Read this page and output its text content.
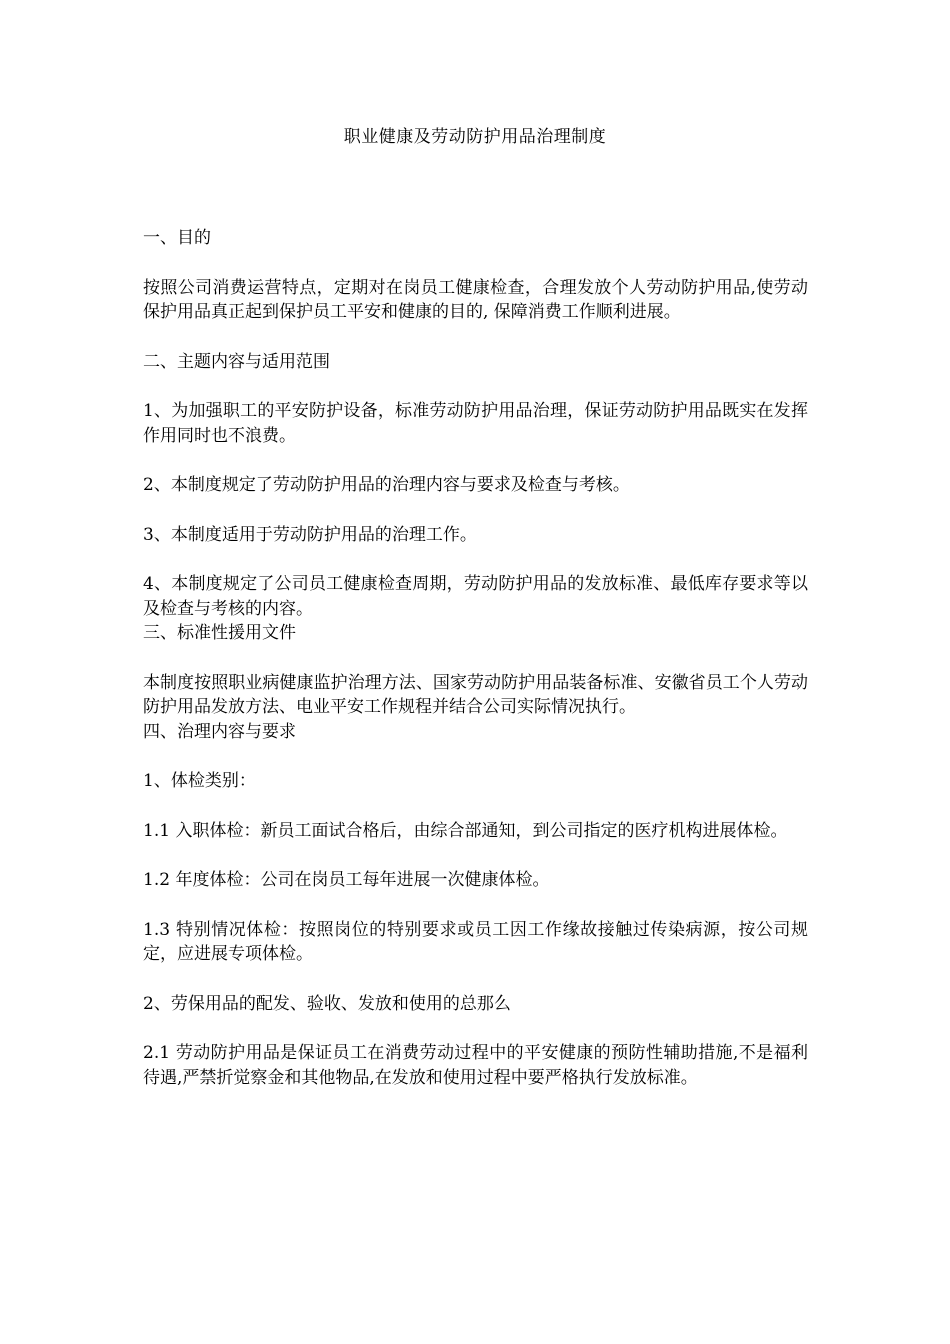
职业健康及劳动防护用品治理制度

一、目的

按照公司消费运营特点，定期对在岗员工健康检查，合理发放个人劳动防护用品,使劳动保护用品真正起到保护员工平安和健康的目的, 保障消费工作顺利进展。

二、主题内容与适用范围

1、为加强职工的平安防护设备，标准劳动防护用品治理，保证劳动防护用品既实在发挥作用同时也不浪费。

2、本制度规定了劳动防护用品的治理内容与要求及检查与考核。

3、本制度适用于劳动防护用品的治理工作。

4、本制度规定了公司员工健康检查周期，劳动防护用品的发放标准、最低库存要求等以及检查与考核的内容。

三、标准性援用文件

本制度按照职业病健康监护治理方法、国家劳动防护用品装备标准、安徽省员工个人劳动防护用品发放方法、电业平安工作规程并结合公司实际情况执行。

四、治理内容与要求

1、体检类别：

1.1 入职体检：新员工面试合格后，由综合部通知，到公司指定的医疗机构进展体检。

1.2 年度体检：公司在岗员工每年进展一次健康体检。

1.3 特别情况体检：按照岗位的特别要求或员工因工作缘故接触过传染病源，按公司规定，应进展专项体检。

2、劳保用品的配发、验收、发放和使用的总那么

2.1 劳动防护用品是保证员工在消费劳动过程中的平安健康的预防性辅助措施,不是福利待遇,严禁折觉察金和其他物品,在发放和使用过程中要严格执行发放标准。
